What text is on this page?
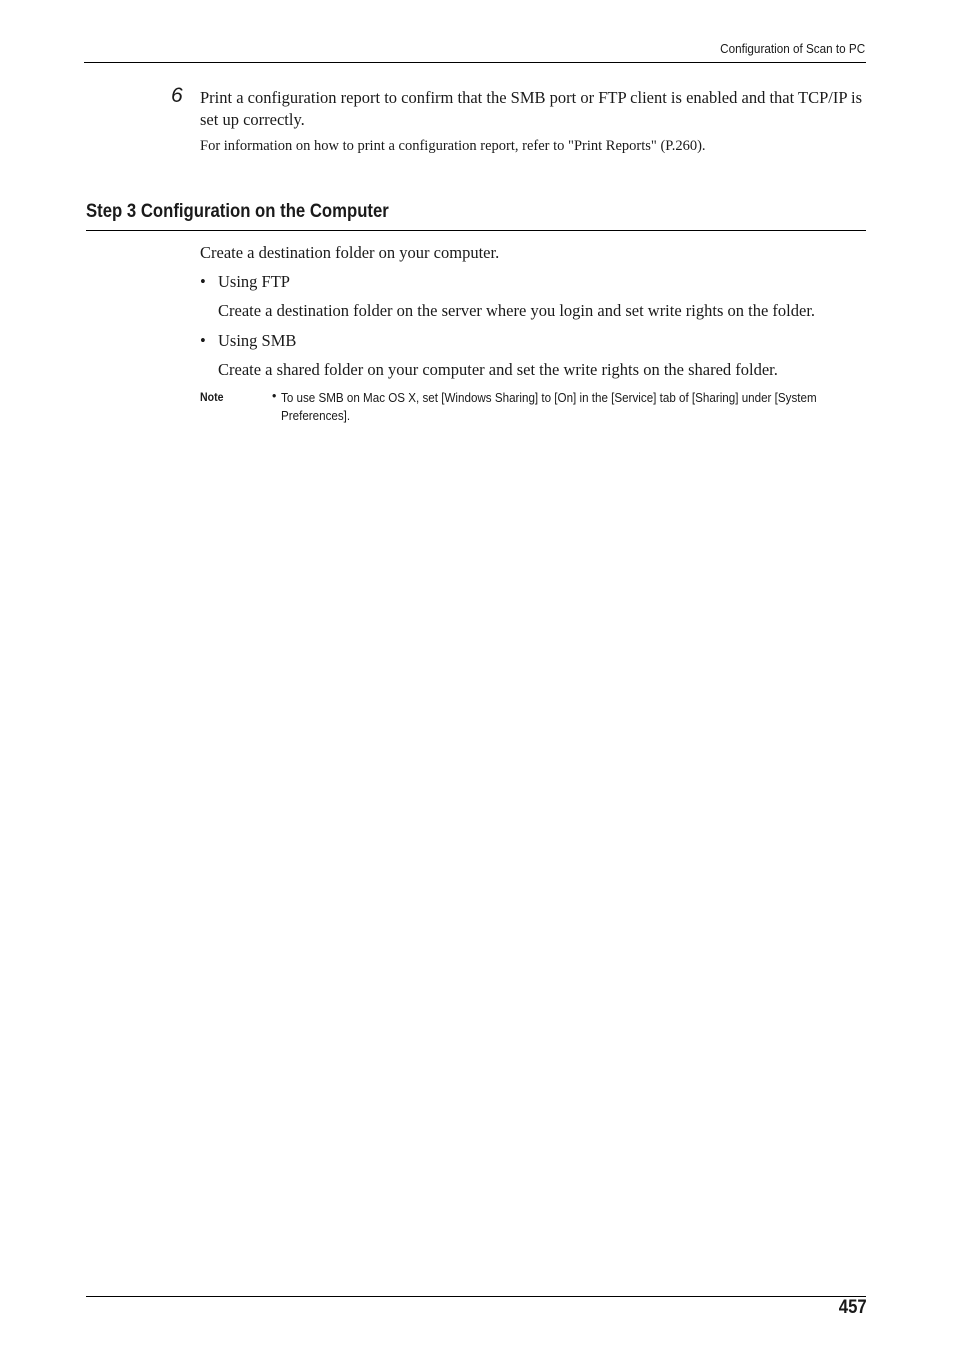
Configuration of Scan to PC
6 Print a configuration report to confirm that the SMB port or FTP client is enabled and that TCP/IP is set up correctly.
For information on how to print a configuration report, refer to "Print Reports" (P.260).
Step 3 Configuration on the Computer
Create a destination folder on your computer.
• Using FTP
Create a destination folder on the server where you login and set write rights on the folder.
• Using SMB
Create a shared folder on your computer and set the write rights on the shared folder.
Note	• To use SMB on Mac OS X, set [Windows Sharing] to [On] in the [Service] tab of [Sharing] under [System Preferences].
457
